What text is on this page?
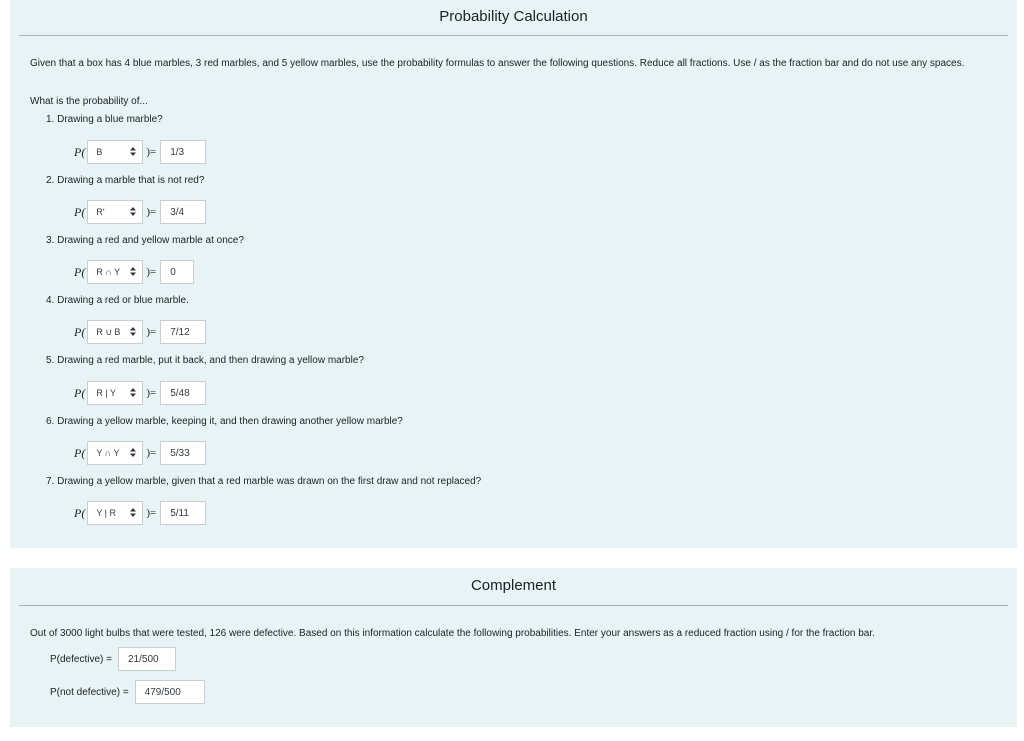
Probability Calculation
Given that a box has 4 blue marbles, 3 red marbles, and 5 yellow marbles, use the probability formulas to answer the following questions. Reduce all fractions. Use / as the fraction bar and do not use any spaces.
What is the probability of...
1. Drawing a blue marble?
P( B	)=	1/3
2. Drawing a marble that is not red?
P( R'	)=	3/4
3. Drawing a red and yellow marble at once?
P( R ∩ Y )=	0
4. Drawing a red or blue marble.
P( R ∪ B )=	7/12
5. Drawing a red marble, put it back, and then drawing a yellow marble?
P( R | Y	)=	5/48
6. Drawing a yellow marble, keeping it, and then drawing another yellow marble?
P( Y ∩ Y )=	5/33
7. Drawing a yellow marble, given that a red marble was drawn on the first draw and not replaced?
P( Y | R	)=	5/11
Complement
Out of 3000 light bulbs that were tested, 126 were defective. Based on this information calculate the following probabilities. Enter your answers as a reduced fraction using / for the fraction bar.
P(defective) =	21/500
P(not defective) =	479/500
